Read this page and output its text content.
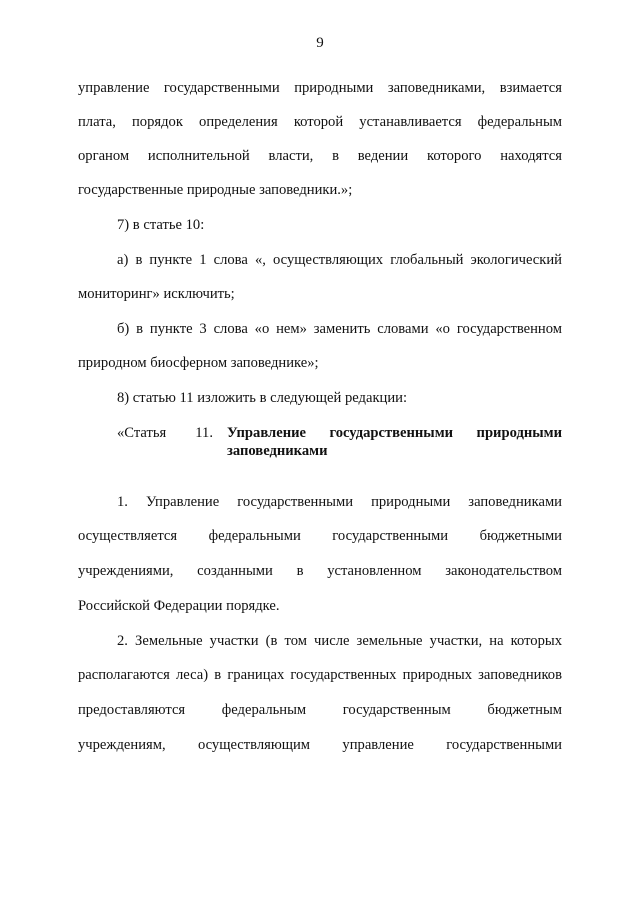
9
управление государственными природными заповедниками, взимается
плата, порядок определения которой устанавливается федеральным
органом исполнительной власти, в ведении которого находятся
государственные природные заповедники.»;
7) в статье 10:
а) в пункте 1 слова «, осуществляющих глобальный экологический
мониторинг» исключить;
б) в пункте 3 слова «о нем» заменить словами «о государственном
природном биосферном заповеднике»;
8) статью 11 изложить в следующей редакции:
«Статья 11. Управление государственными природными
заповедниками
1. Управление государственными природными заповедниками
осуществляется федеральными государственными бюджетными
учреждениями, созданными в установленном законодательством
Российской Федерации порядке.
2. Земельные участки (в том числе земельные участки, на которых
располагаются леса) в границах государственных природных заповедников
предоставляются федеральным государственным бюджетным
учреждениям, осуществляющим управление государственными
